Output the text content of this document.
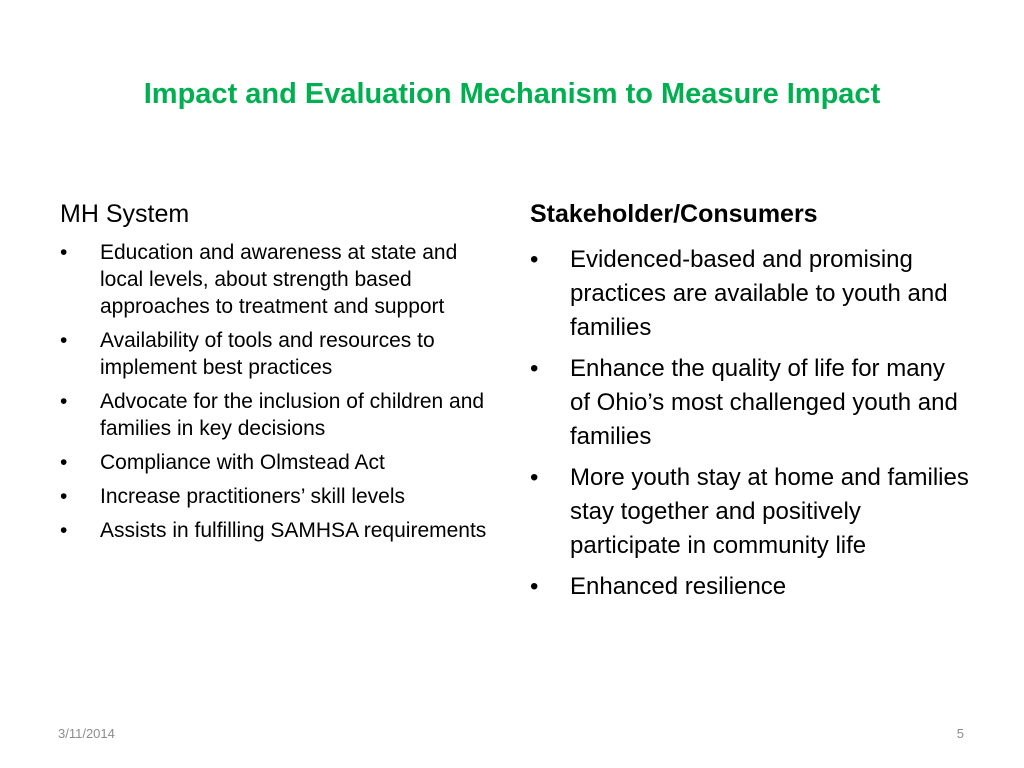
Impact and Evaluation Mechanism to Measure Impact
MH System
• Education and awareness at state and local levels, about strength based approaches to treatment and support
• Availability of tools and resources to implement best practices
• Advocate for the inclusion of children and families in key decisions
• Compliance with Olmstead Act
• Increase practitioners’ skill levels
• Assists in fulfilling SAMHSA requirements
Stakeholder/Consumers
• Evidenced-based and promising practices are available to youth and families
• Enhance the quality of life for many of Ohio’s most challenged youth and families
• More youth stay at home and families stay together and positively participate in community life
• Enhanced resilience
3/11/2014	5
